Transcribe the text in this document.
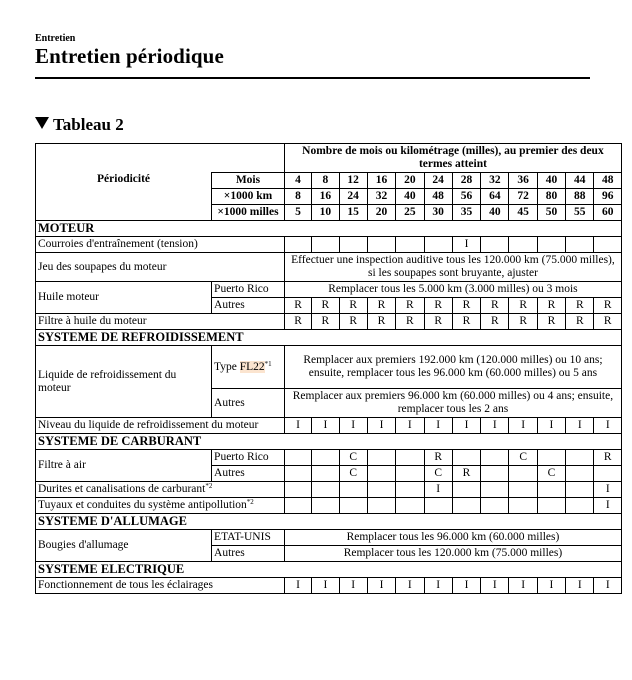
Entretien
Entretien périodique
Tableau 2
		Nombre de mois ou kilométrage (milles), au premier des deux termes atteint											
Périodicité	Mois	4	8	12	16	20	24	28	32	36	40	44	48
	×1000 km	8	16	24	32	40	48	56	64	72	80	88	96
	×1000 milles	5	10	15	20	25	30	35	40	45	50	55	60
MOTEUR													
Courroies d'entraînement (tension)								I					
Jeu des soupapes du moteur		Effectuer une inspection auditive tous les 120.000 km (75.000 milles), si les soupapes sont bruyante, ajuster											
Huile moteur	Puerto Rico	Remplacer tous les 5.000 km (3.000 milles) ou 3 mois											
	Autres	R	R	R	R	R	R	R	R	R	R	R	R
Filtre à huile du moteur		R	R	R	R	R	R	R	R	R	R	R	R
SYSTEME DE REFROIDISSEMENT													
Liquide de refroidissement du moteur	Type FL22$^{*1}$	Remplacer aux premiers 192.000 km (120.000 milles) ou 10 ans; ensuite, remplacer tous les 96.000 km (60.000 milles) ou 5 ans											
	Autres	Remplacer aux premiers 96.000 km (60.000 milles) ou 4 ans; ensuite, remplacer tous les 2 ans											
Niveau du liquide de refroidissement du moteur		I	I	I	I	I	I	I	I	I	I	I	I
SYSTEME DE CARBURANT													
Filtre à air	Puerto Rico			C			R			C			R
	Autres			C			C	R			C		
Durites et canalisations de carburant$^{*2}$							I						I
Tuyaux et conduites du système antipollution$^{*2}$													I
SYSTEME D'ALLUMAGE													
Bougies d'allumage	ETAT-UNIS	Remplacer tous les 96.000 km (60.000 milles)											
	Autres	Remplacer tous les 120.000 km (75.000 milles)											
SYSTEME ELECTRIQUE													
Fonctionnement de tous les éclairages		I	I	I	I	I	I	I	I	I	I	I	I
